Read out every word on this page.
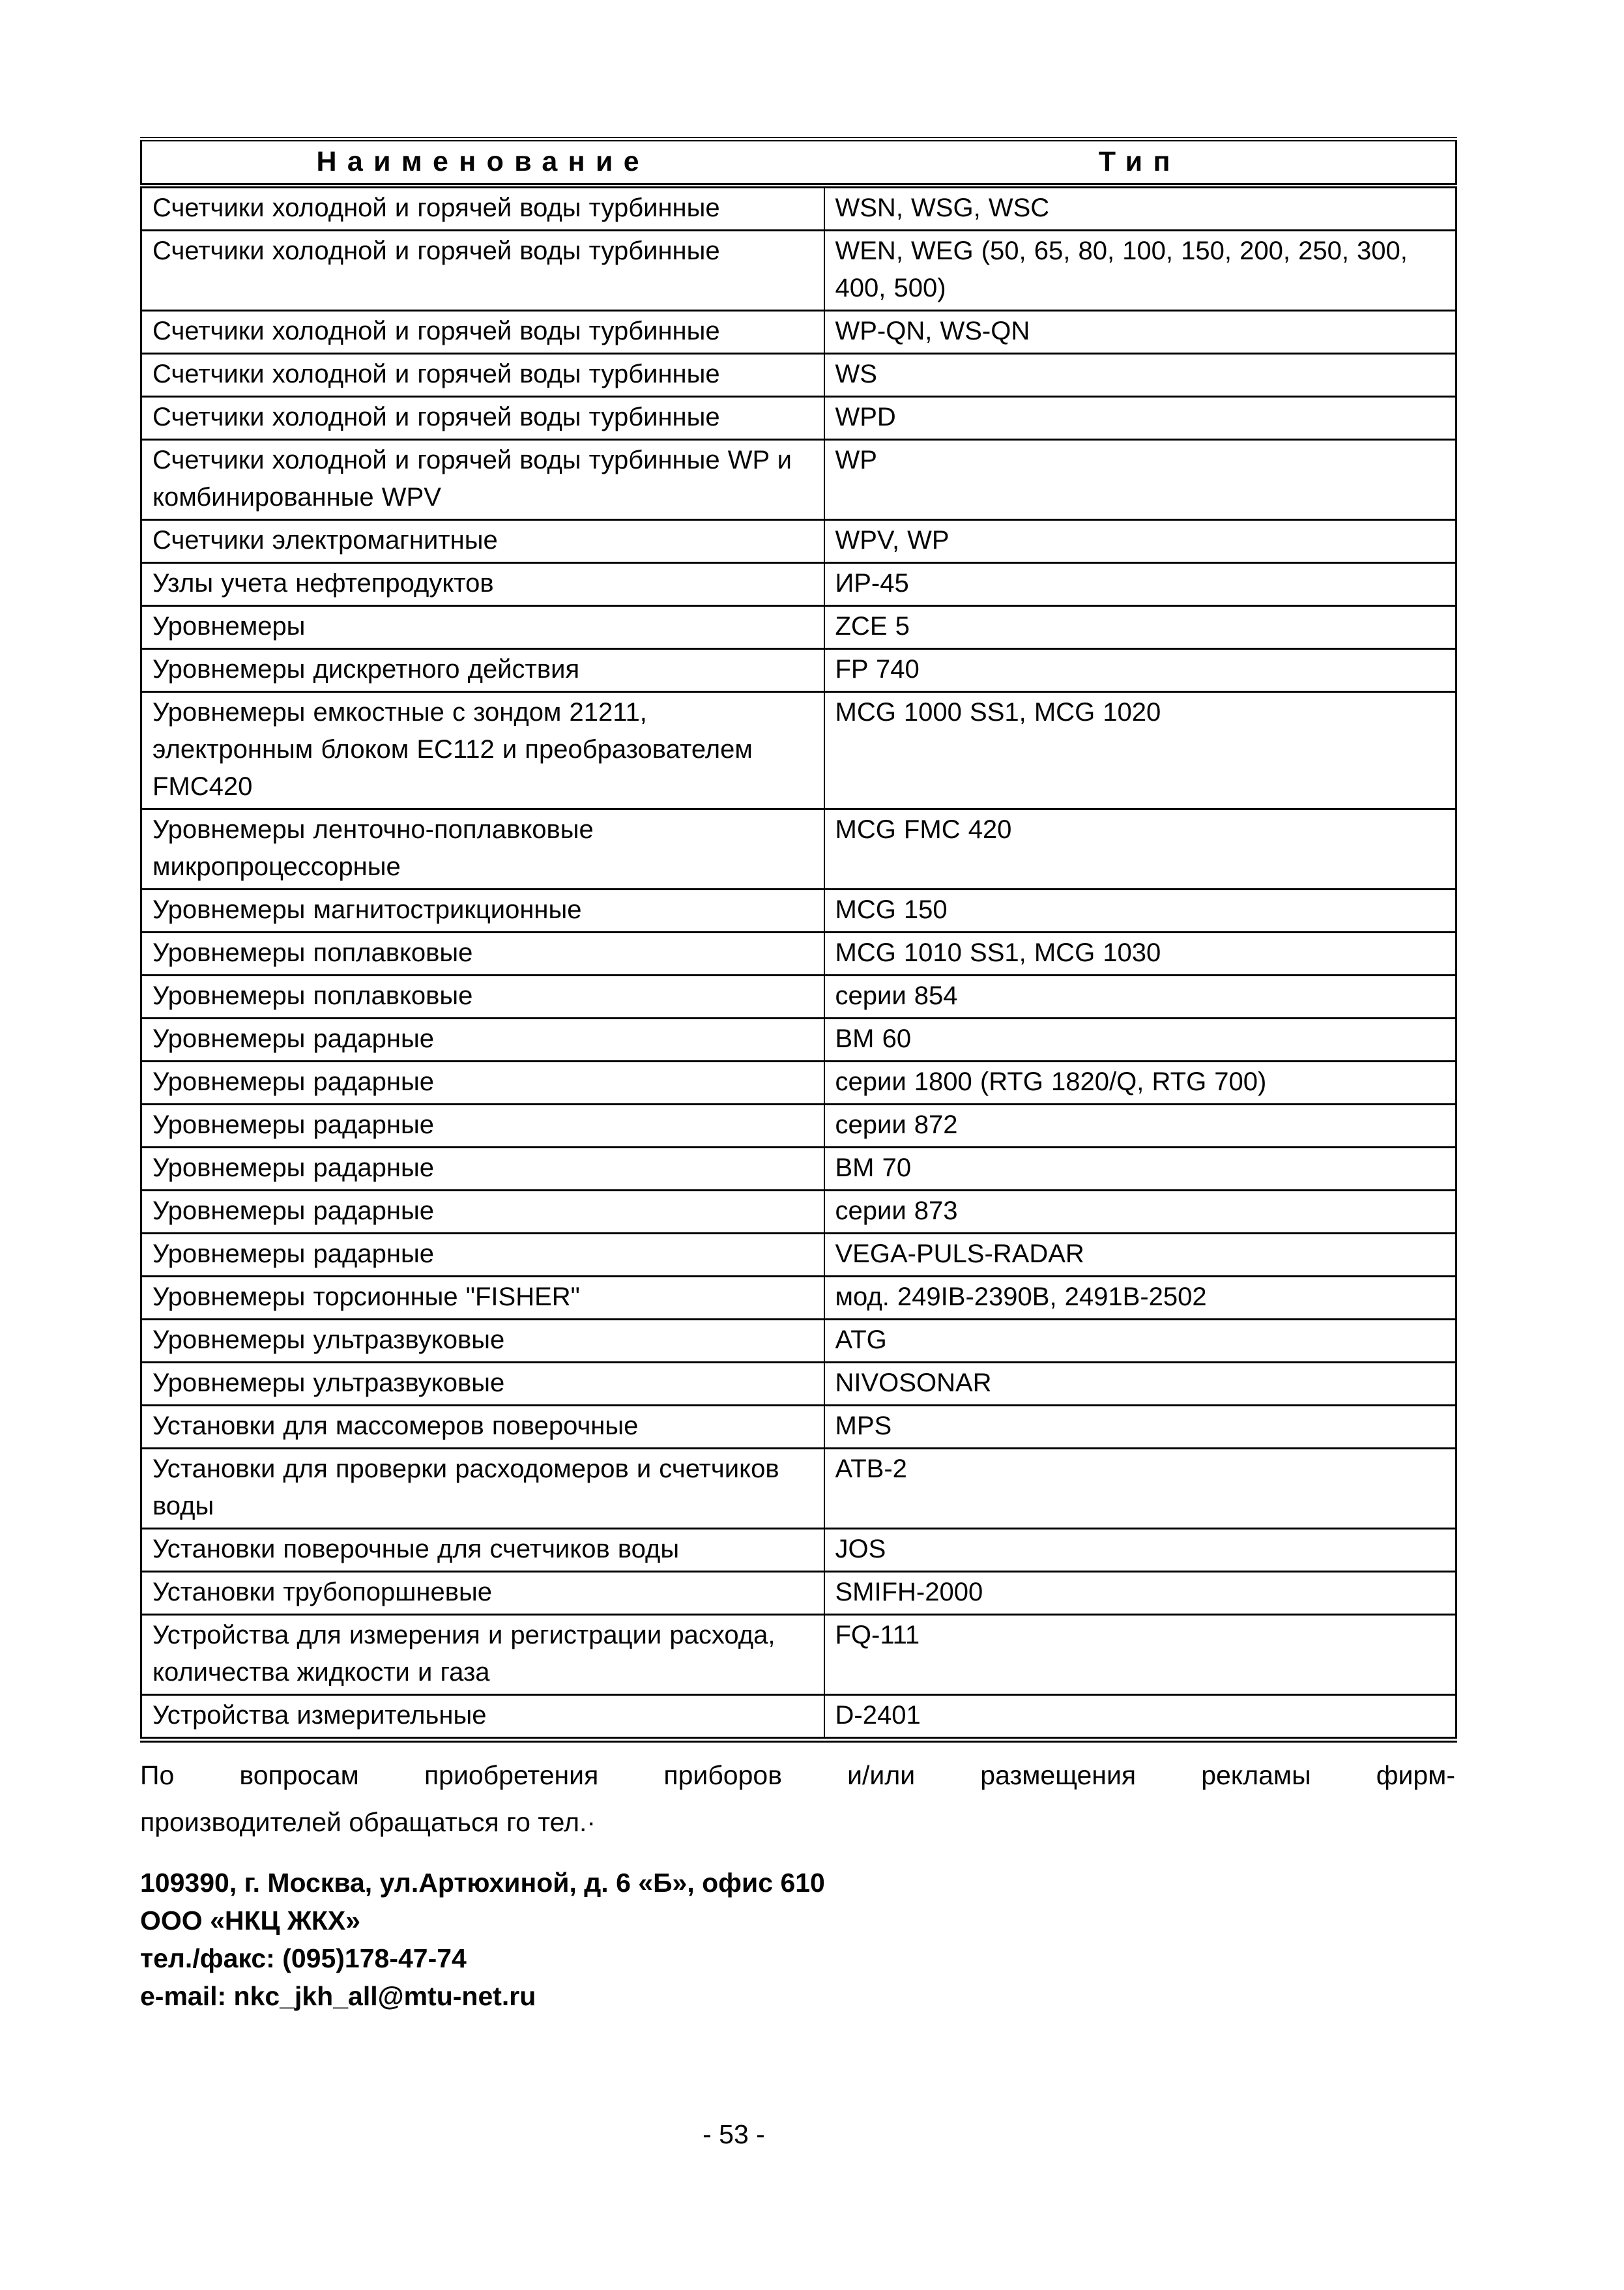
Наименование	Тип
Счетчики холодной и горячей воды турбинные	WSN, WSG, WSC
Счетчики холодной и горячей воды турбинные	WEN, WEG (50, 65, 80, 100, 150, 200, 250, 300, 400, 500)
Счетчики холодной и горячей воды турбинные	WP-QN, WS-QN
Счетчики холодной и горячей воды турбинные	WS
Счетчики холодной и горячей воды турбинные	WPD
Счетчики холодной и горячей воды турбинные WP и комбинированные WPV	WP
Счетчики электромагнитные	WPV, WP
Узлы учета нефтепродуктов	ИР-45
Уровнемеры	ZCE 5
Уровнемеры дискретного действия	FP 740
Уровнемеры емкостные с зондом 21211, электронным блоком EC112 и преобразователем FMC420	MCG 1000 SS1, MCG 1020
Уровнемеры ленточно-поплавковые микропроцессорные	MCG FMC 420
Уровнемеры магнитострикционные	MCG 150
Уровнемеры поплавковые	MCG 1010 SS1, MCG 1030
Уровнемеры поплавковые	серии 854
Уровнемеры радарные	BM 60
Уровнемеры радарные	серии 1800 (RTG 1820/Q, RTG 700)
Уровнемеры радарные	серии 872
Уровнемеры радарные	BM 70
Уровнемеры радарные	серии 873
Уровнемеры радарные	VEGA-PULS-RADAR
Уровнемеры торсионные "FISHER"	мод. 249IB-2390B, 2491B-2502
Уровнемеры ультразвуковые	ATG
Уровнемеры ультразвуковые	NIVOSONAR
Установки для массомеров поверочные	MPS
Установки для проверки расходомеров и счетчиков воды	ATB-2
Установки поверочные для счетчиков воды	JOS
Установки трубопоршневые	SMIFH-2000
Устройства для измерения и регистрации расхода, количества жидкости и газа	FQ-111
Устройства измерительные	D-2401
По вопросам приобретения приборов и/или размещения рекламы фирм-
производителей обращаться го тел.·
109390, г. Москва, ул.Артюхиной, д. 6 «Б», офис 610
ООО «НКЦ ЖКХ»
тел./факс: (095)178-47-74
e-mail: nkc_jkh_all@mtu-net.ru
- 53 -
